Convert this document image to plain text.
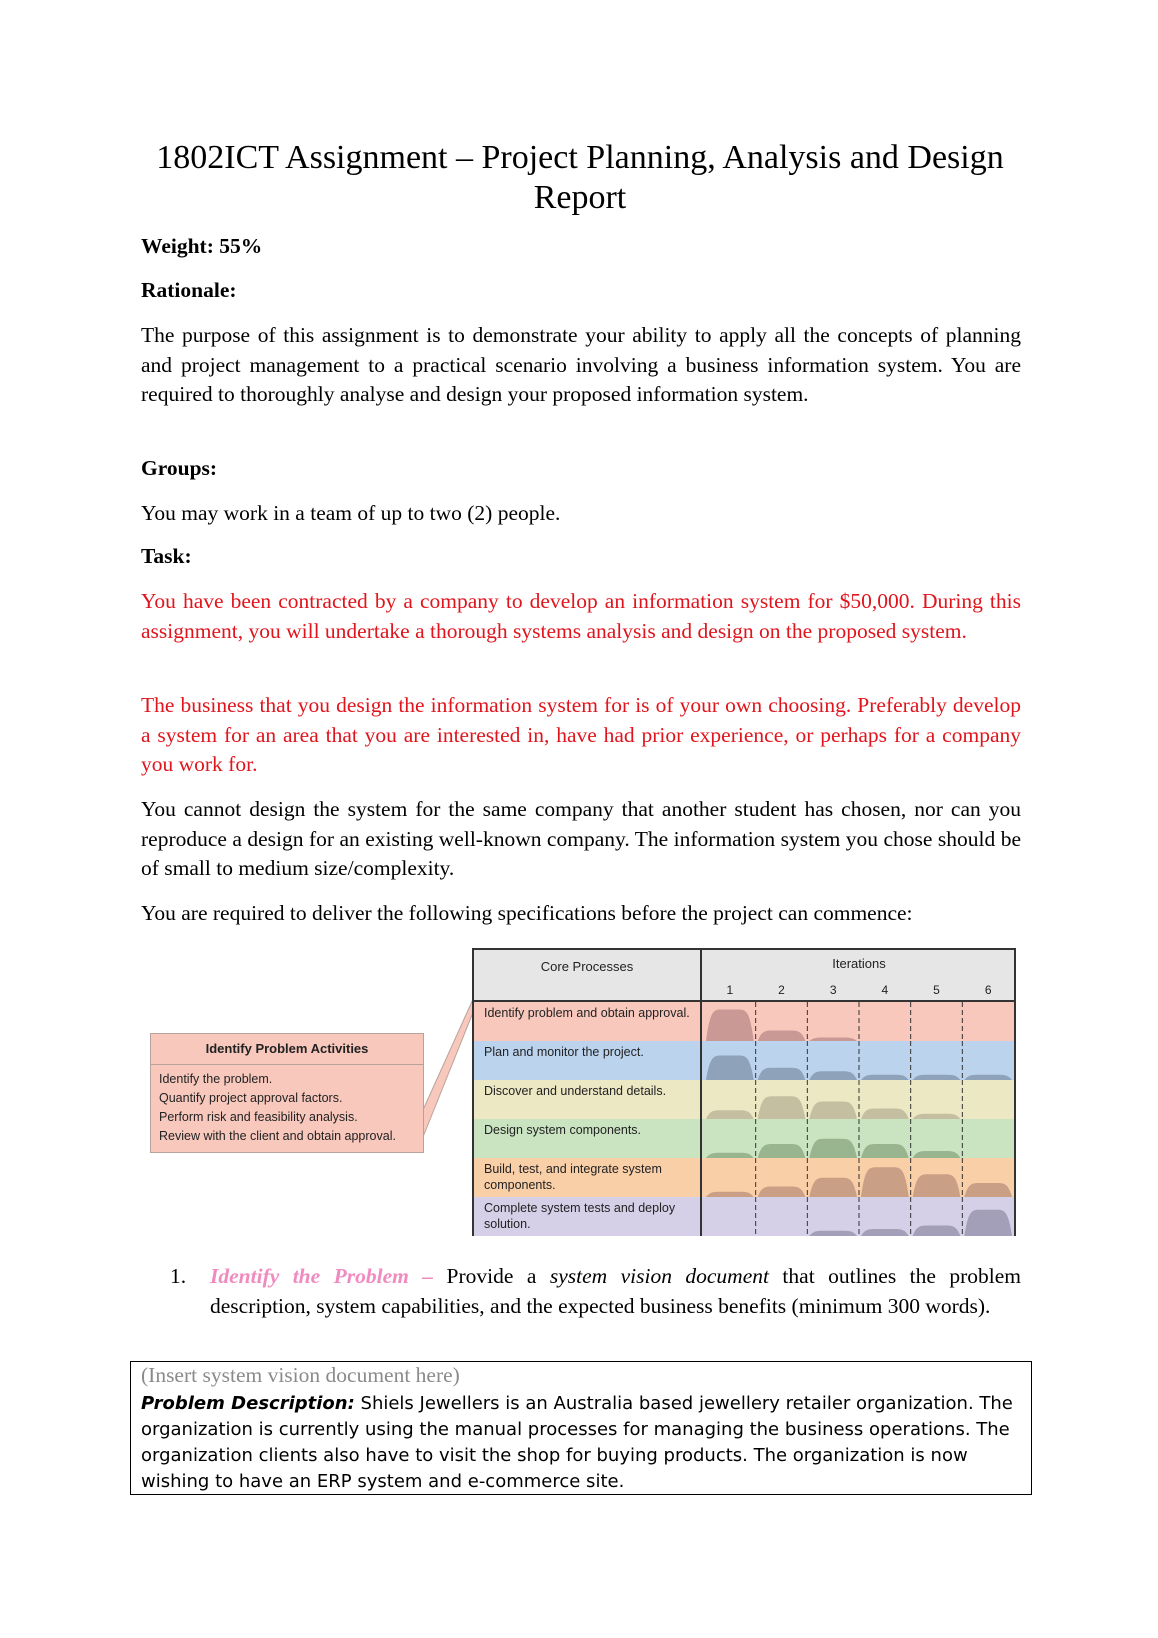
1802ICT Assignment – Project Planning, Analysis and Design Report
Weight: 55%
Rationale:
The purpose of this assignment is to demonstrate your ability to apply all the concepts of planning and project management to a practical scenario involving a business information system. You are required to thoroughly analyse and design your proposed information system.
Groups:
You may work in a team of up to two (2) people.
Task:
You have been contracted by a company to develop an information system for $50,000. During this assignment, you will undertake a thorough systems analysis and design on the proposed system.
The business that you design the information system for is of your own choosing. Preferably develop a system for an area that you are interested in, have had prior experience, or perhaps for a company you work for.
You cannot design the system for the same company that another student has chosen, nor can you reproduce a design for an existing well-known company. The information system you chose should be of small to medium size/complexity.
You are required to deliver the following specifications before the project can commence:
Identify Problem Activities
Identify the problem.
Quantify project approval factors.
Perform risk and feasibility analysis.
Review with the client and obtain approval.
Core Processes	Iterations
1	2	3	4	5	6
Identify problem and obtain approval.
Plan and monitor the project.
Discover and understand details.
Design system components.
Build, test, and integrate system components.
Complete system tests and deploy solution.
1. Identify the Problem – Provide a system vision document that outlines the problem description, system capabilities, and the expected business benefits (minimum 300 words).
(Insert system vision document here)
Problem Description: Shiels Jewellers is an Australia based jewellery retailer organization. The organization is currently using the manual processes for managing the business operations. The organization clients also have to visit the shop for buying products. The organization is now wishing to have an ERP system and e-commerce site.
